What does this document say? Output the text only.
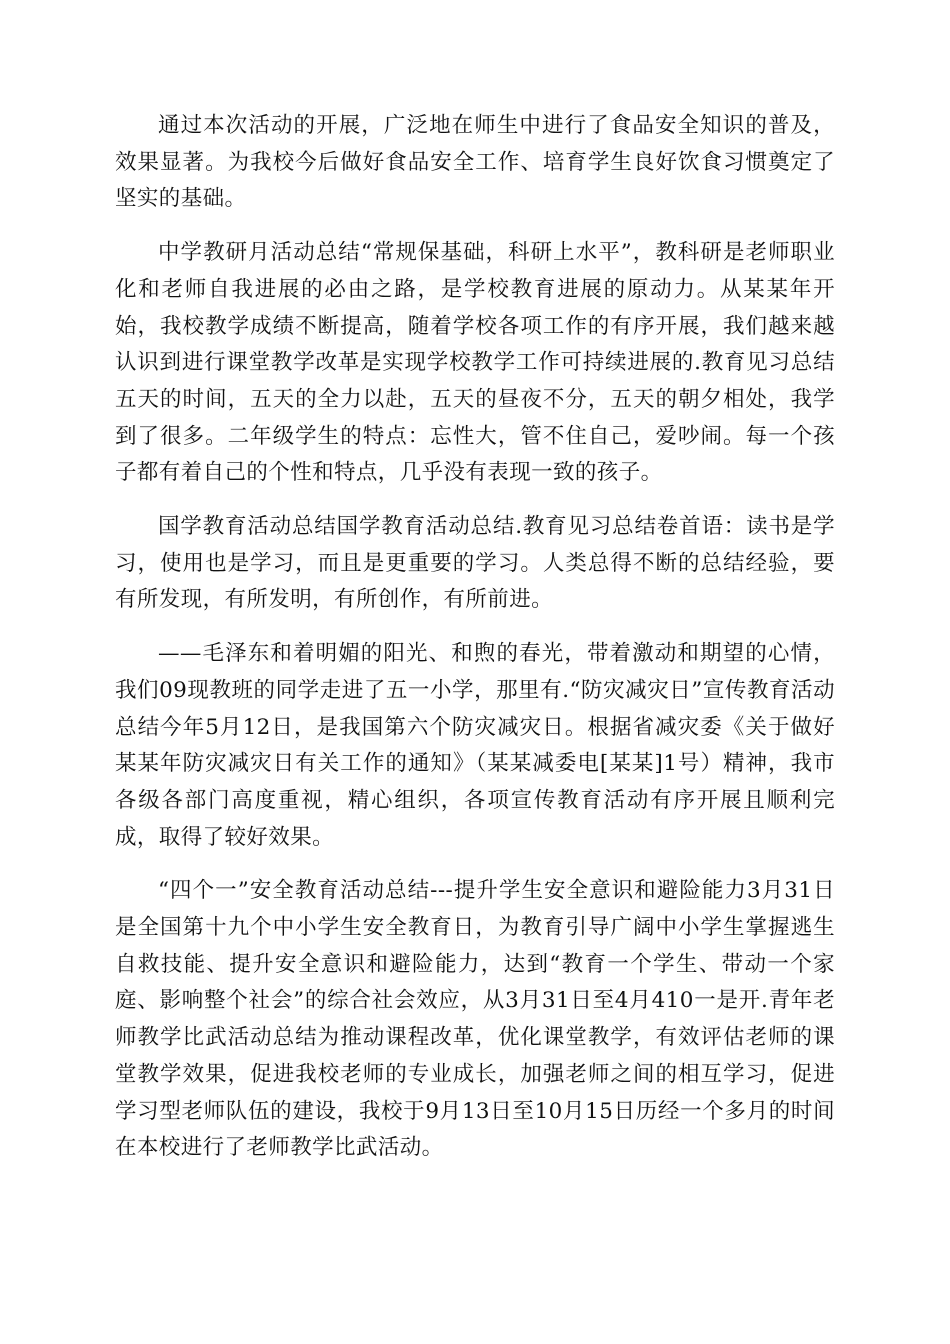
通过本次活动的开展，广泛地在师生中进行了食品安全知识的普及，效果显著。为我校今后做好食品安全工作、培育学生良好饮食习惯奠定了坚实的基础。

中学教研月活动总结“常规保基础，科研上水平”，教科研是老师职业化和老师自我进展的必由之路，是学校教育进展的原动力。从某某年开始，我校教学成绩不断提高，随着学校各项工作的有序开展，我们越来越认识到进行课堂教学改革是实现学校教学工作可持续进展的.教育见习总结五天的时间，五天的全力以赴，五天的昼夜不分，五天的朝夕相处，我学到了很多。二年级学生的特点：忘性大，管不住自己，爱吵闹。每一个孩子都有着自己的个性和特点，几乎没有表现一致的孩子。

国学教育活动总结国学教育活动总结.教育见习总结卷首语：读书是学习，使用也是学习，而且是更重要的学习。人类总得不断的总结经验，要有所发现，有所发明，有所创作，有所前进。

——毛泽东和着明媚的阳光、和煦的春光，带着激动和期望的心情，我们09现教班的同学走进了五一小学，那里有.“防灾减灾日”宣传教育活动总结今年5月12日，是我国第六个防灾减灾日。根据省减灾委《关于做好某某年防灾减灾日有关工作的通知》（某某减委电[某某]1号）精神，我市各级各部门高度重视，精心组织，各项宣传教育活动有序开展且顺利完成，取得了较好效果。

“四个一”安全教育活动总结---提升学生安全意识和避险能力3月31日是全国第十九个中小学生安全教育日，为教育引导广阔中小学生掌握逃生自救技能、提升安全意识和避险能力，达到“教育一个学生、带动一个家庭、影响整个社会”的综合社会效应，从3月31日至4月410一是开.青年老师教学比武活动总结为推动课程改革，优化课堂教学，有效评估老师的课堂教学效果，促进我校老师的专业成长，加强老师之间的相互学习，促进学习型老师队伍的建设，我校于9月13日至10月15日历经一个多月的时间在本校进行了老师教学比武活动。
